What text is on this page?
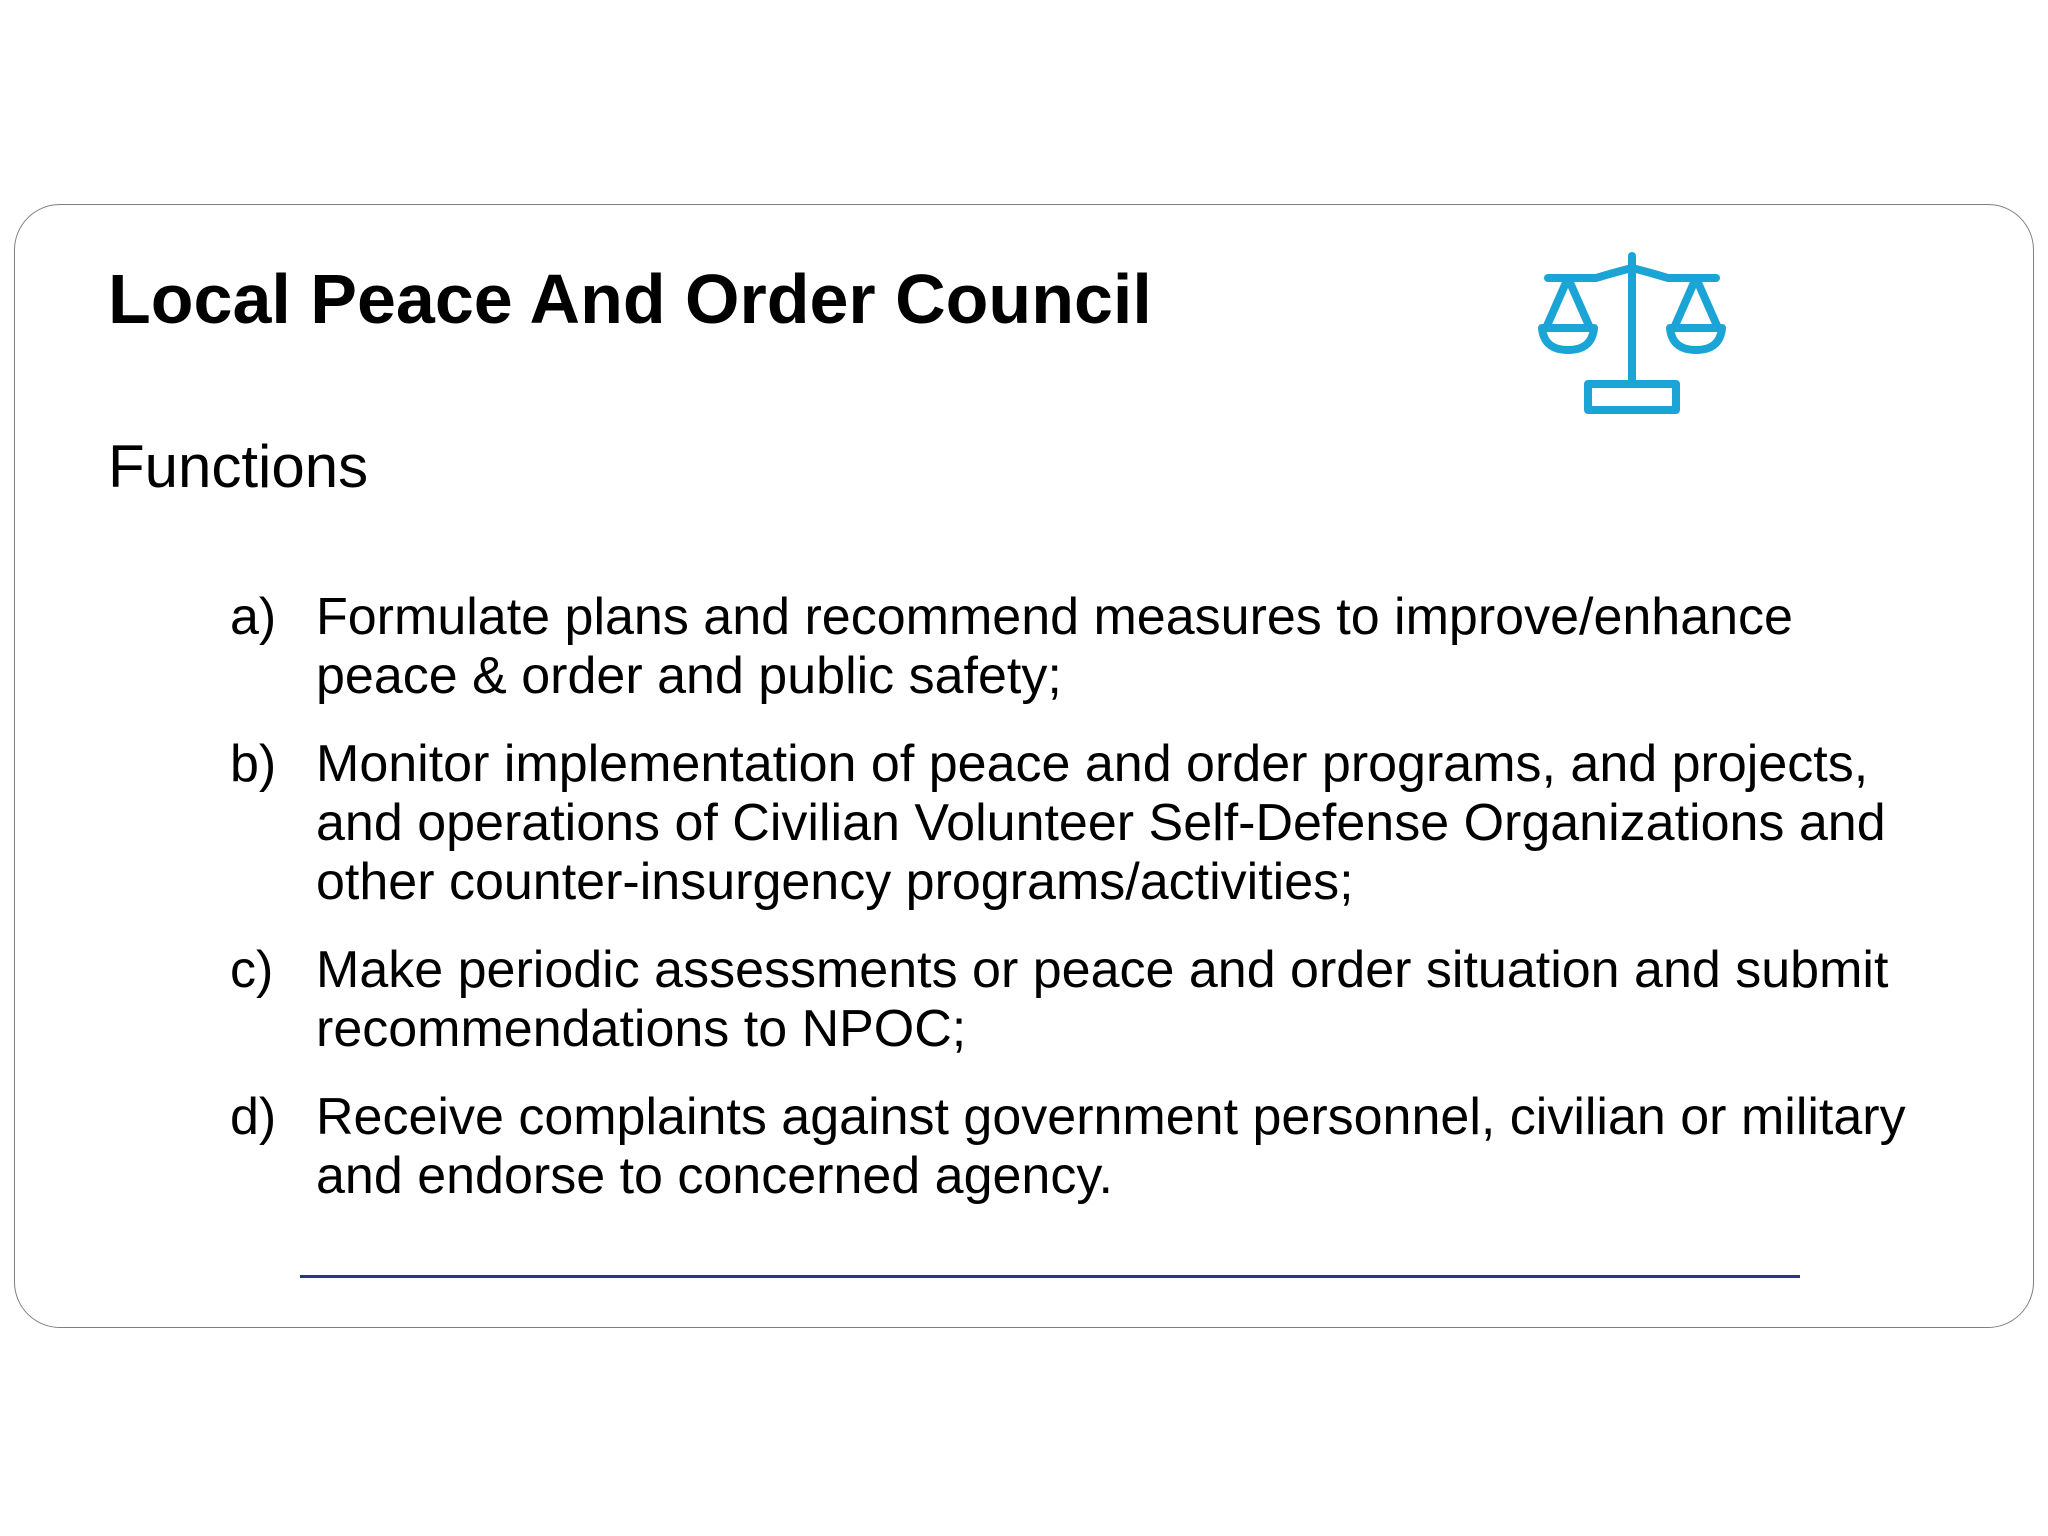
Local Peace And Order Council
Functions
a) Formulate plans and recommend measures to improve/enhance peace & order and public safety;
b) Monitor implementation of peace and order programs, and projects, and operations of Civilian Volunteer Self-Defense Organizations and other counter-insurgency programs/activities;
c) Make periodic assessments or peace and order situation and submit recommendations to NPOC;
d) Receive complaints against government personnel, civilian or military and endorse to concerned agency.
